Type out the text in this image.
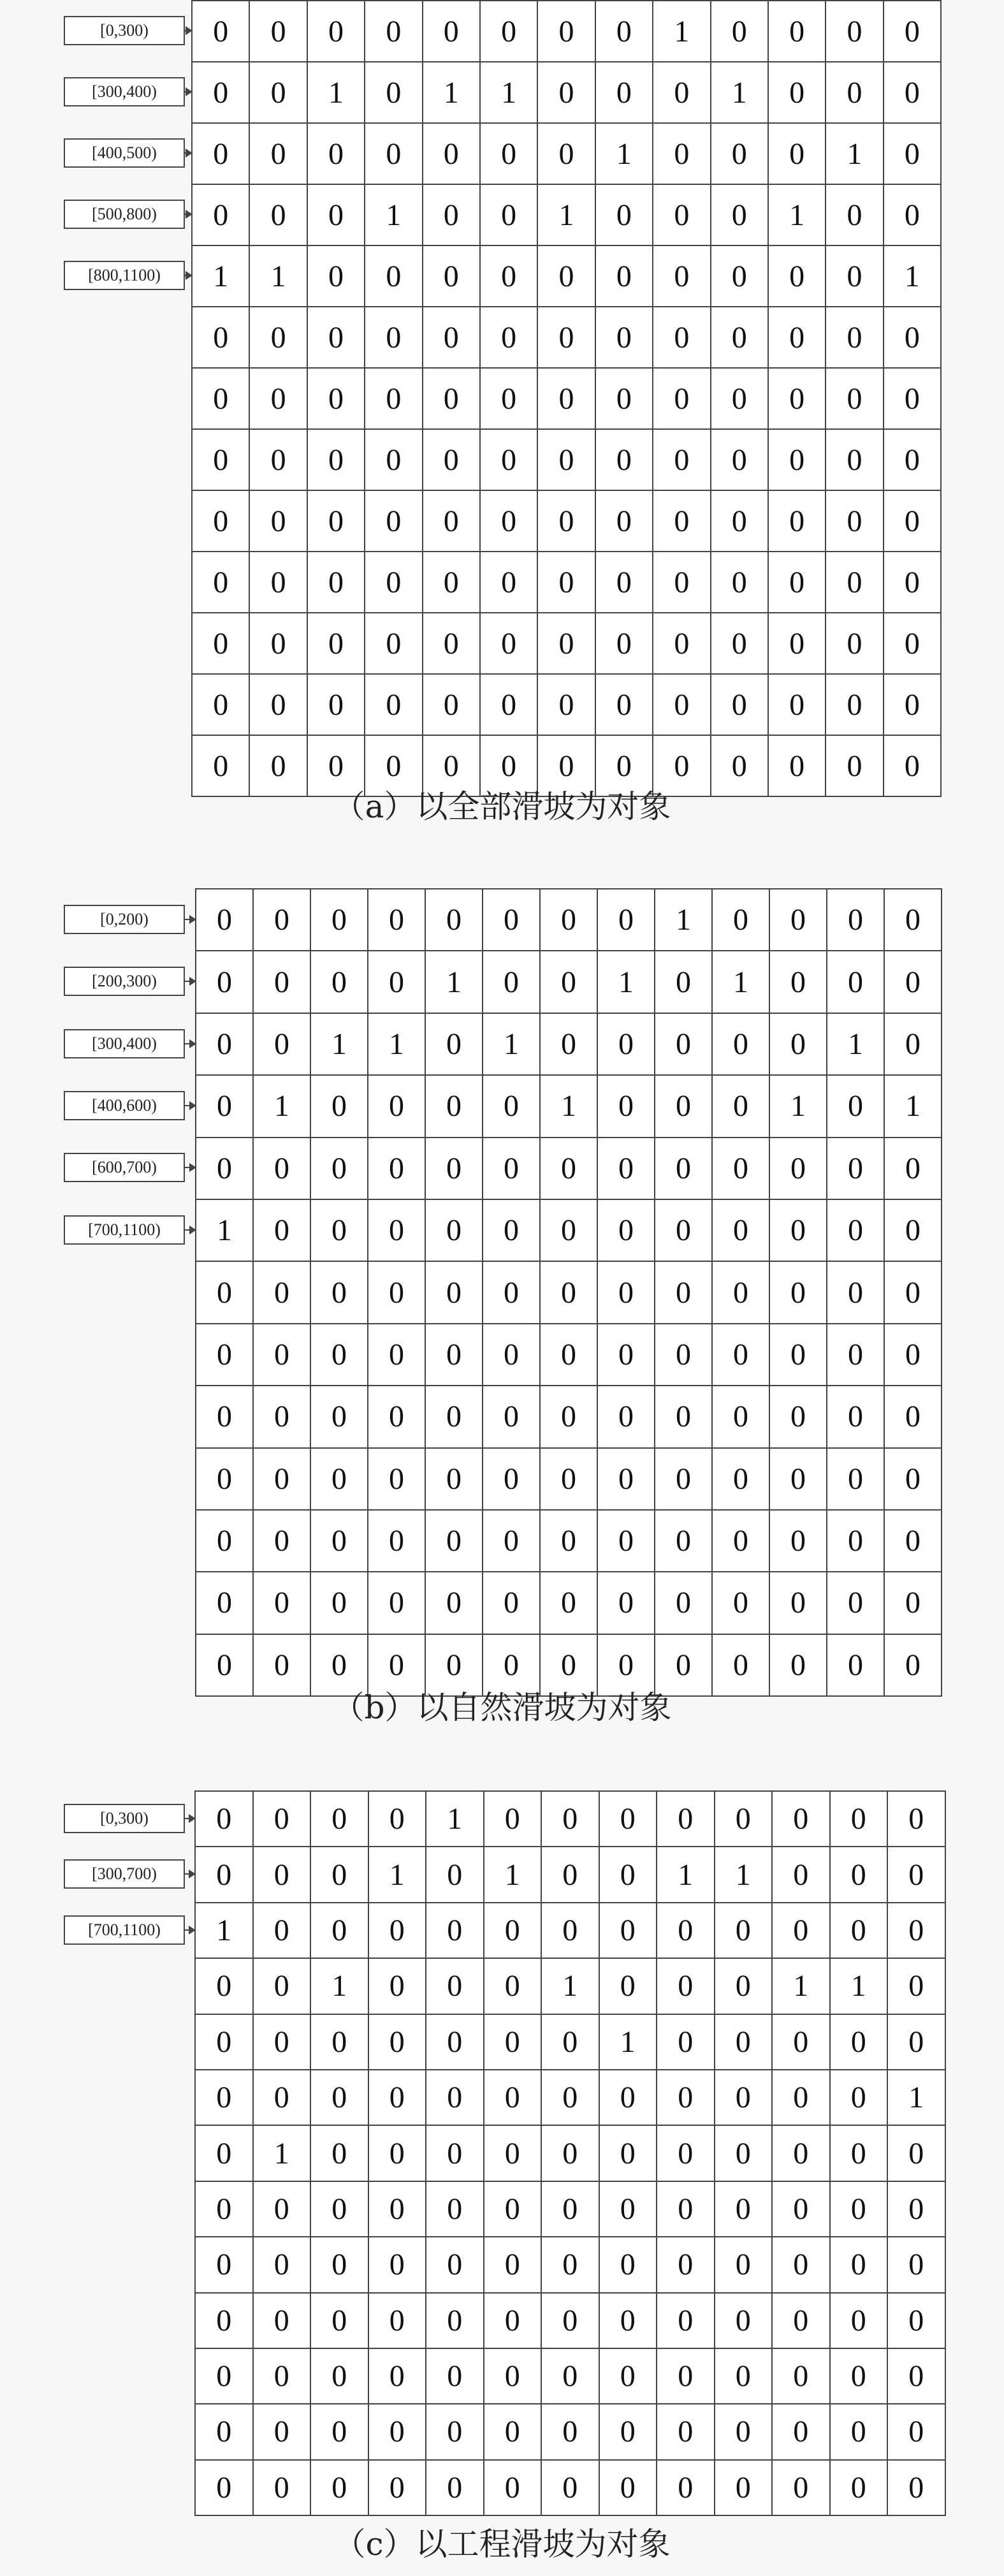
0	0	0	0	0	0	0	0	1	0	0	0	0
0	0	1	0	1	1	0	0	0	1	0	0	0
0	0	0	0	0	0	0	1	0	0	0	1	0
0	0	0	1	0	0	1	0	0	0	1	0	0
1	1	0	0	0	0	0	0	0	0	0	0	1
0	0	0	0	0	0	0	0	0	0	0	0	0
0	0	0	0	0	0	0	0	0	0	0	0	0
0	0	0	0	0	0	0	0	0	0	0	0	0
0	0	0	0	0	0	0	0	0	0	0	0	0
0	0	0	0	0	0	0	0	0	0	0	0	0
0	0	0	0	0	0	0	0	0	0	0	0	0
0	0	0	0	0	0	0	0	0	0	0	0	0
0	0	0	0	0	0	0	0	0	0	0	0	0
[0,300)
[300,400)
[400,500)
[500,800)
[800,1100)
（a）以全部滑坡为对象
0	0	0	0	0	0	0	0	1	0	0	0	0
0	0	0	0	1	0	0	1	0	1	0	0	0
0	0	1	1	0	1	0	0	0	0	0	1	0
0	1	0	0	0	0	1	0	0	0	1	0	1
0	0	0	0	0	0	0	0	0	0	0	0	0
1	0	0	0	0	0	0	0	0	0	0	0	0
0	0	0	0	0	0	0	0	0	0	0	0	0
0	0	0	0	0	0	0	0	0	0	0	0	0
0	0	0	0	0	0	0	0	0	0	0	0	0
0	0	0	0	0	0	0	0	0	0	0	0	0
0	0	0	0	0	0	0	0	0	0	0	0	0
0	0	0	0	0	0	0	0	0	0	0	0	0
0	0	0	0	0	0	0	0	0	0	0	0	0
[0,200)
[200,300)
[300,400)
[400,600)
[600,700)
[700,1100)
（b）以自然滑坡为对象
0	0	0	0	1	0	0	0	0	0	0	0	0
0	0	0	1	0	1	0	0	1	1	0	0	0
1	0	0	0	0	0	0	0	0	0	0	0	0
0	0	1	0	0	0	1	0	0	0	1	1	0
0	0	0	0	0	0	0	1	0	0	0	0	0
0	0	0	0	0	0	0	0	0	0	0	0	1
0	1	0	0	0	0	0	0	0	0	0	0	0
0	0	0	0	0	0	0	0	0	0	0	0	0
0	0	0	0	0	0	0	0	0	0	0	0	0
0	0	0	0	0	0	0	0	0	0	0	0	0
0	0	0	0	0	0	0	0	0	0	0	0	0
0	0	0	0	0	0	0	0	0	0	0	0	0
0	0	0	0	0	0	0	0	0	0	0	0	0
[0,300)
[300,700)
[700,1100)
（c）以工程滑坡为对象
